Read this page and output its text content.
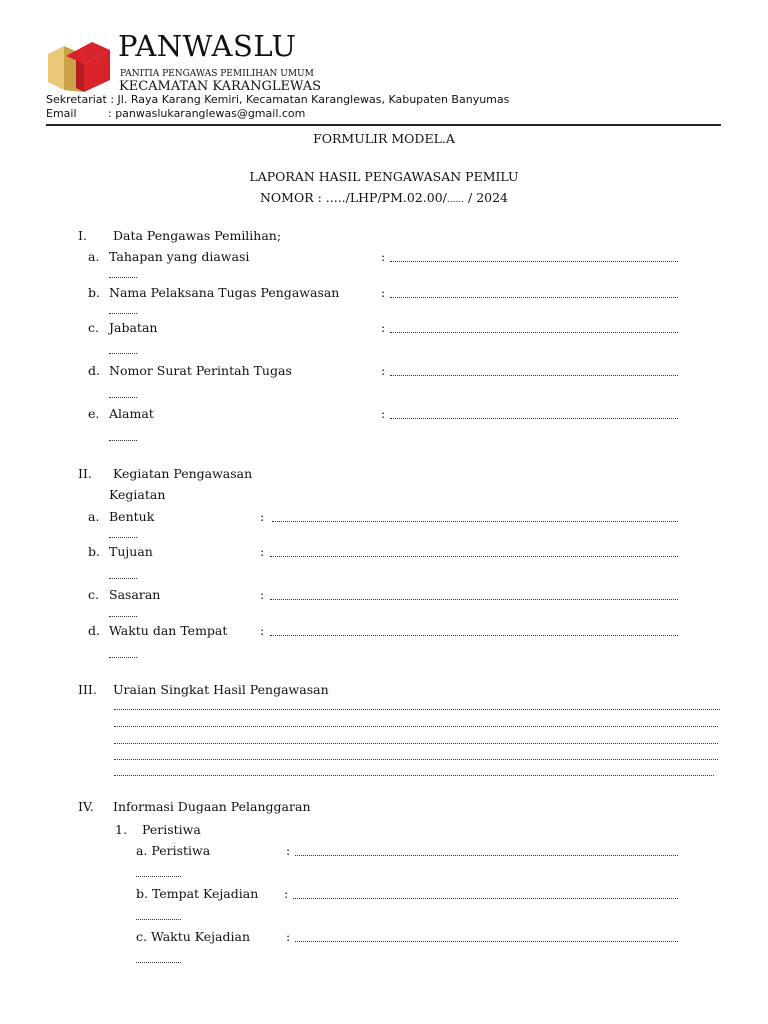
PANWASLU
PANITIA PENGAWAS PEMILIHAN UMUM
KECAMATAN KARANGLEWAS
Sekretariat : Jl. Raya Karang Kemiri, Kecamatan Karanglewas, Kabupaten Banyumas
Email	: panwaslukaranglewas@gmail.com
FORMULIR MODEL.A
LAPORAN HASIL PENGAWASAN PEMILU
NOMOR : ...../LHP/PM.02.00/...... / 2024
I. Data Pengawas Pemilihan;
a. Tahapan yang diawasi	:
b. Nama Pelaksana Tugas Pengawasan	:
c. Jabatan	:
d. Nomor Surat Perintah Tugas	:
e. Alamat	:
II. Kegiatan Pengawasan
Kegiatan
a. Bentuk	:
b. Tujuan	:
c. Sasaran	:
d. Waktu dan Tempat	:
III. Uraian Singkat Hasil Pengawasan
IV. Informasi Dugaan Pelanggaran
1. Peristiwa
a. Peristiwa	:
b. Tempat Kejadian :
c. Waktu Kejadian	:
